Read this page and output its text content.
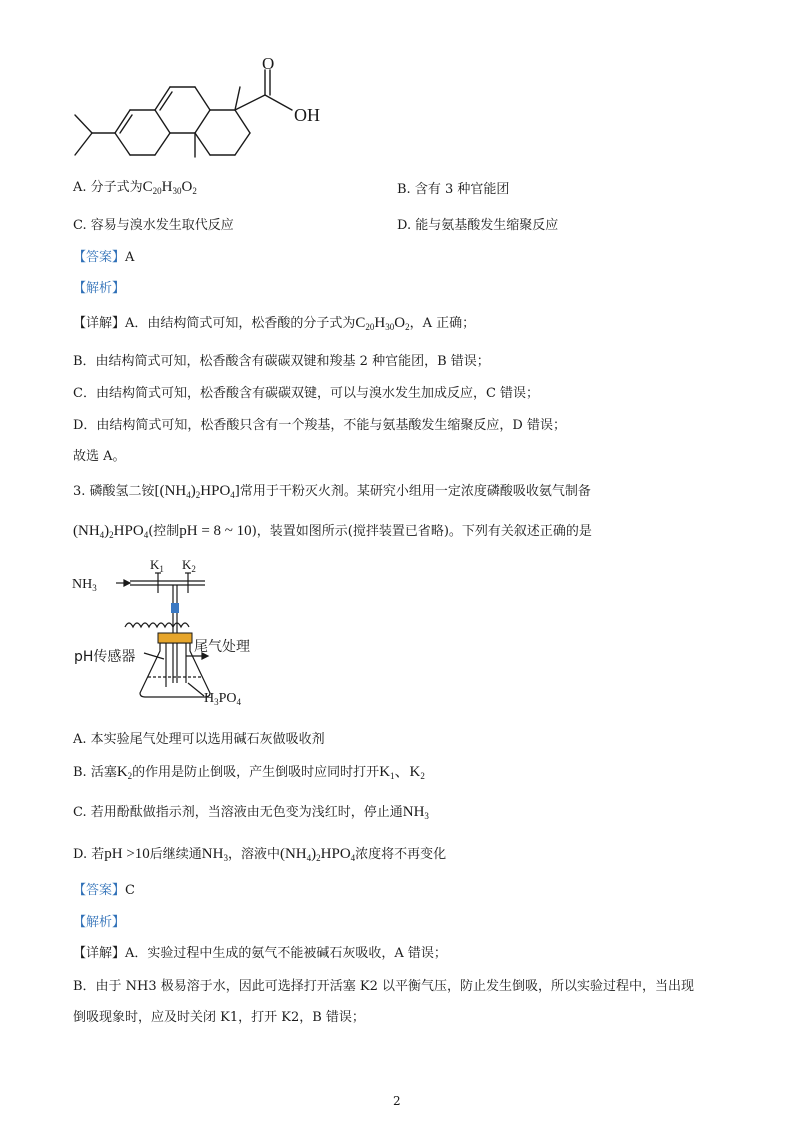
O
OH
A. 分子式为$C_{20}H_{30}O_2$	B. 含有 3 种官能团
C. 容易与溴水发生取代反应	D. 能与氨基酸发生缩聚反应
【答案】A
【解析】
【详解】A．由结构简式可知，松香酸的分子式为$C_{20}H_{30}O_2$，A 正确；
B．由结构简式可知，松香酸含有碳碳双键和羧基 2 种官能团，B 错误；
C．由结构简式可知，松香酸含有碳碳双键，可以与溴水发生加成反应，C 错误；
D．由结构简式可知，松香酸只含有一个羧基，不能与氨基酸发生缩聚反应，D 错误；
故选 A。
3. 磷酸氢二铵$[(NH_4)_2HPO_4]$常用于干粉灭火剂。某研究小组用一定浓度磷酸吸收氨气制备
$(NH_4)_2HPO_4$(控制pH = 8 ~ 10)，装置如图所示(搅拌装置已省略)。下列有关叙述正确的是
$NH_3$
$K_1$ $K_2$
pH传感器
尾气处理
$H_3PO_4$
A. 本实验尾气处理可以选用碱石灰做吸收剂
B. 活塞$K_2$的作用是防止倒吸，产生倒吸时应同时打开$K_1$、$K_2$
C. 若用酚酞做指示剂，当溶液由无色变为浅红时，停止通$NH_3$
D. 若pH >10后继续通$NH_3$，溶液中$(NH_4)_2HPO_4$浓度将不再变化
【答案】C
【解析】
【详解】A．实验过程中生成的氨气不能被碱石灰吸收，A 错误；
B．由于 NH3 极易溶于水，因此可选择打开活塞 K2 以平衡气压，防止发生倒吸，所以实验过程中，当出现
倒吸现象时，应及时关闭 K1，打开 K2，B 错误；
2
